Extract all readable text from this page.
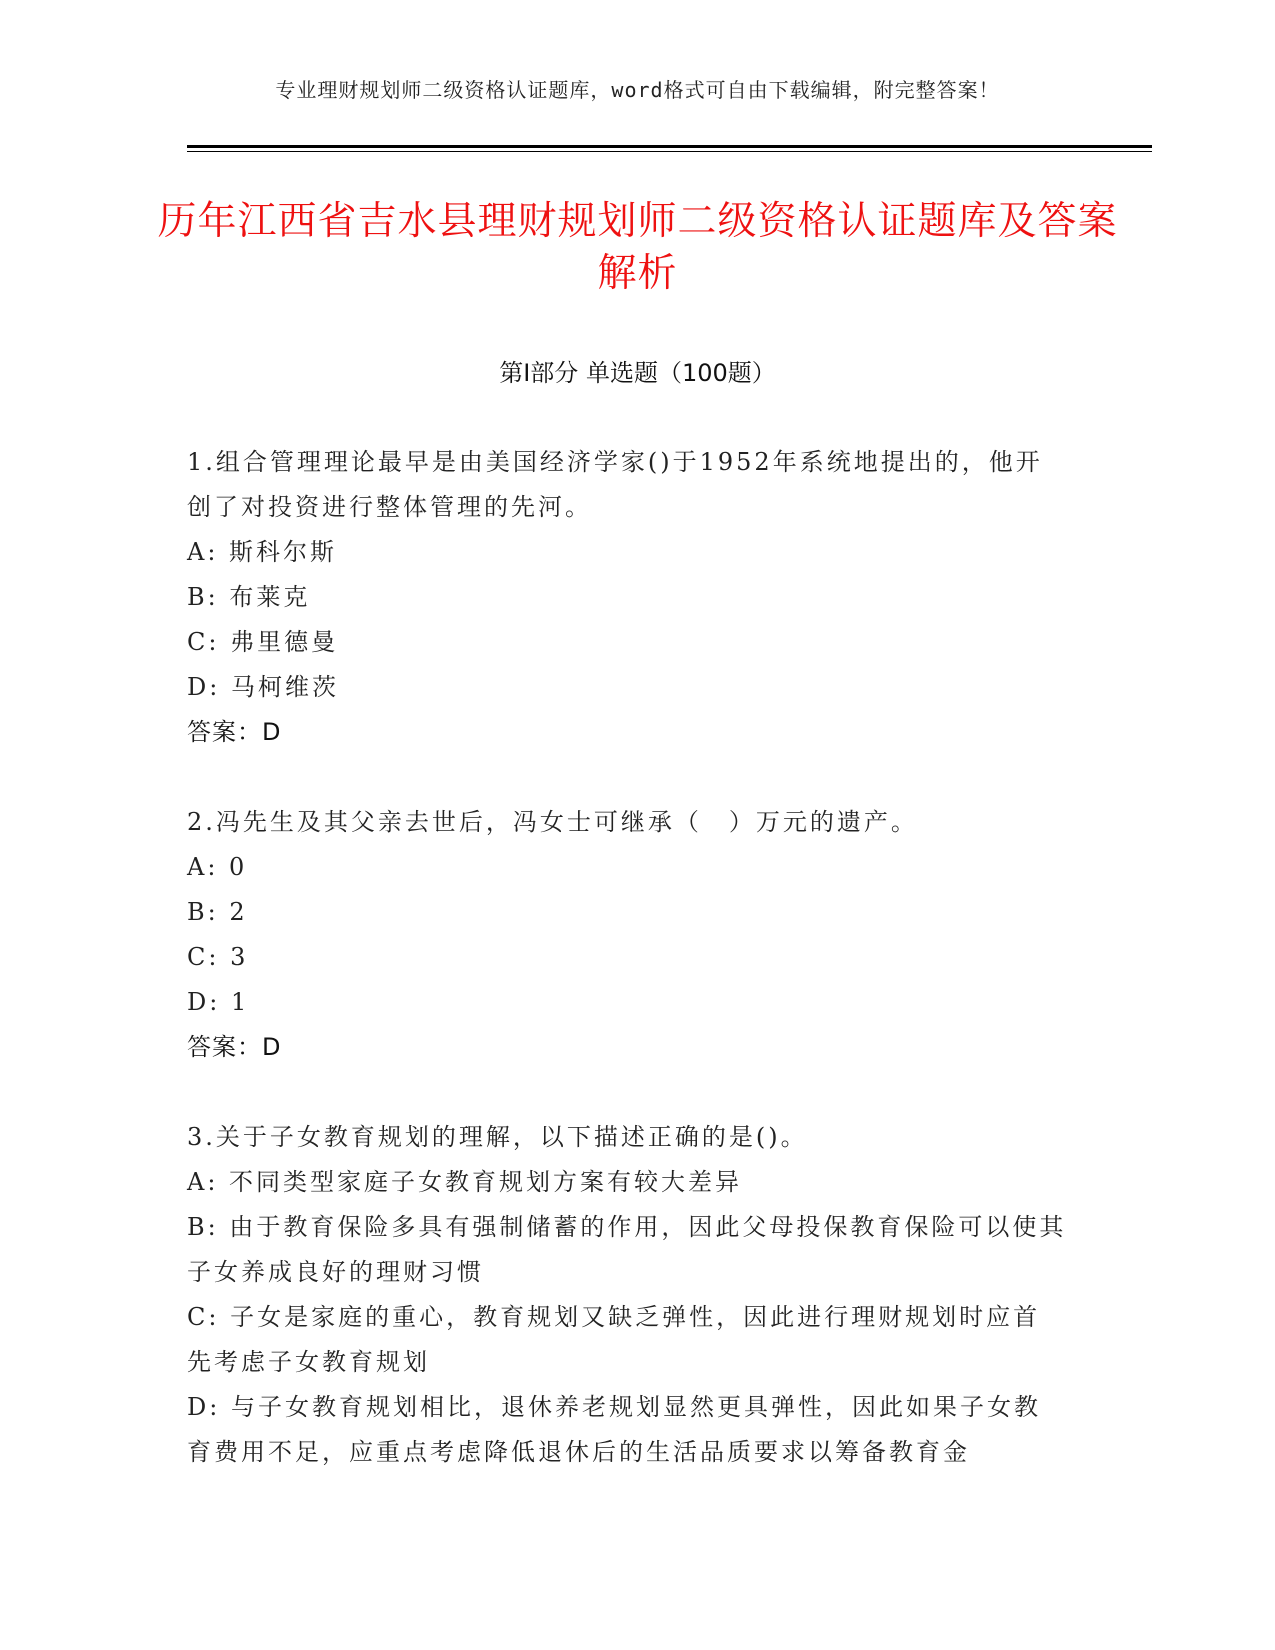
专业理财规划师二级资格认证题库，word格式可自由下载编辑，附完整答案！
历年江西省吉水县理财规划师二级资格认证题库及答案解析
第Ⅰ部分 单选题（100题）

1.组合管理理论最早是由美国经济学家()于1952年系统地提出的，他开创了对投资进行整体管理的先河。

A: 斯科尔斯

B: 布莱克

C: 弗里德曼

D: 马柯维茨

答案：D

2.冯先生及其父亲去世后，冯女士可继承（　）万元的遗产。

A: 0

B: 2

C: 3

D: 1

答案：D

3.关于子女教育规划的理解，以下描述正确的是()。

A: 不同类型家庭子女教育规划方案有较大差异

B: 由于教育保险多具有强制储蓄的作用，因此父母投保教育保险可以使其子女养成良好的理财习惯

C: 子女是家庭的重心，教育规划又缺乏弹性，因此进行理财规划时应首先考虑子女教育规划

D: 与子女教育规划相比，退休养老规划显然更具弹性，因此如果子女教育费用不足，应重点考虑降低退休后的生活品质要求以筹备教育金
